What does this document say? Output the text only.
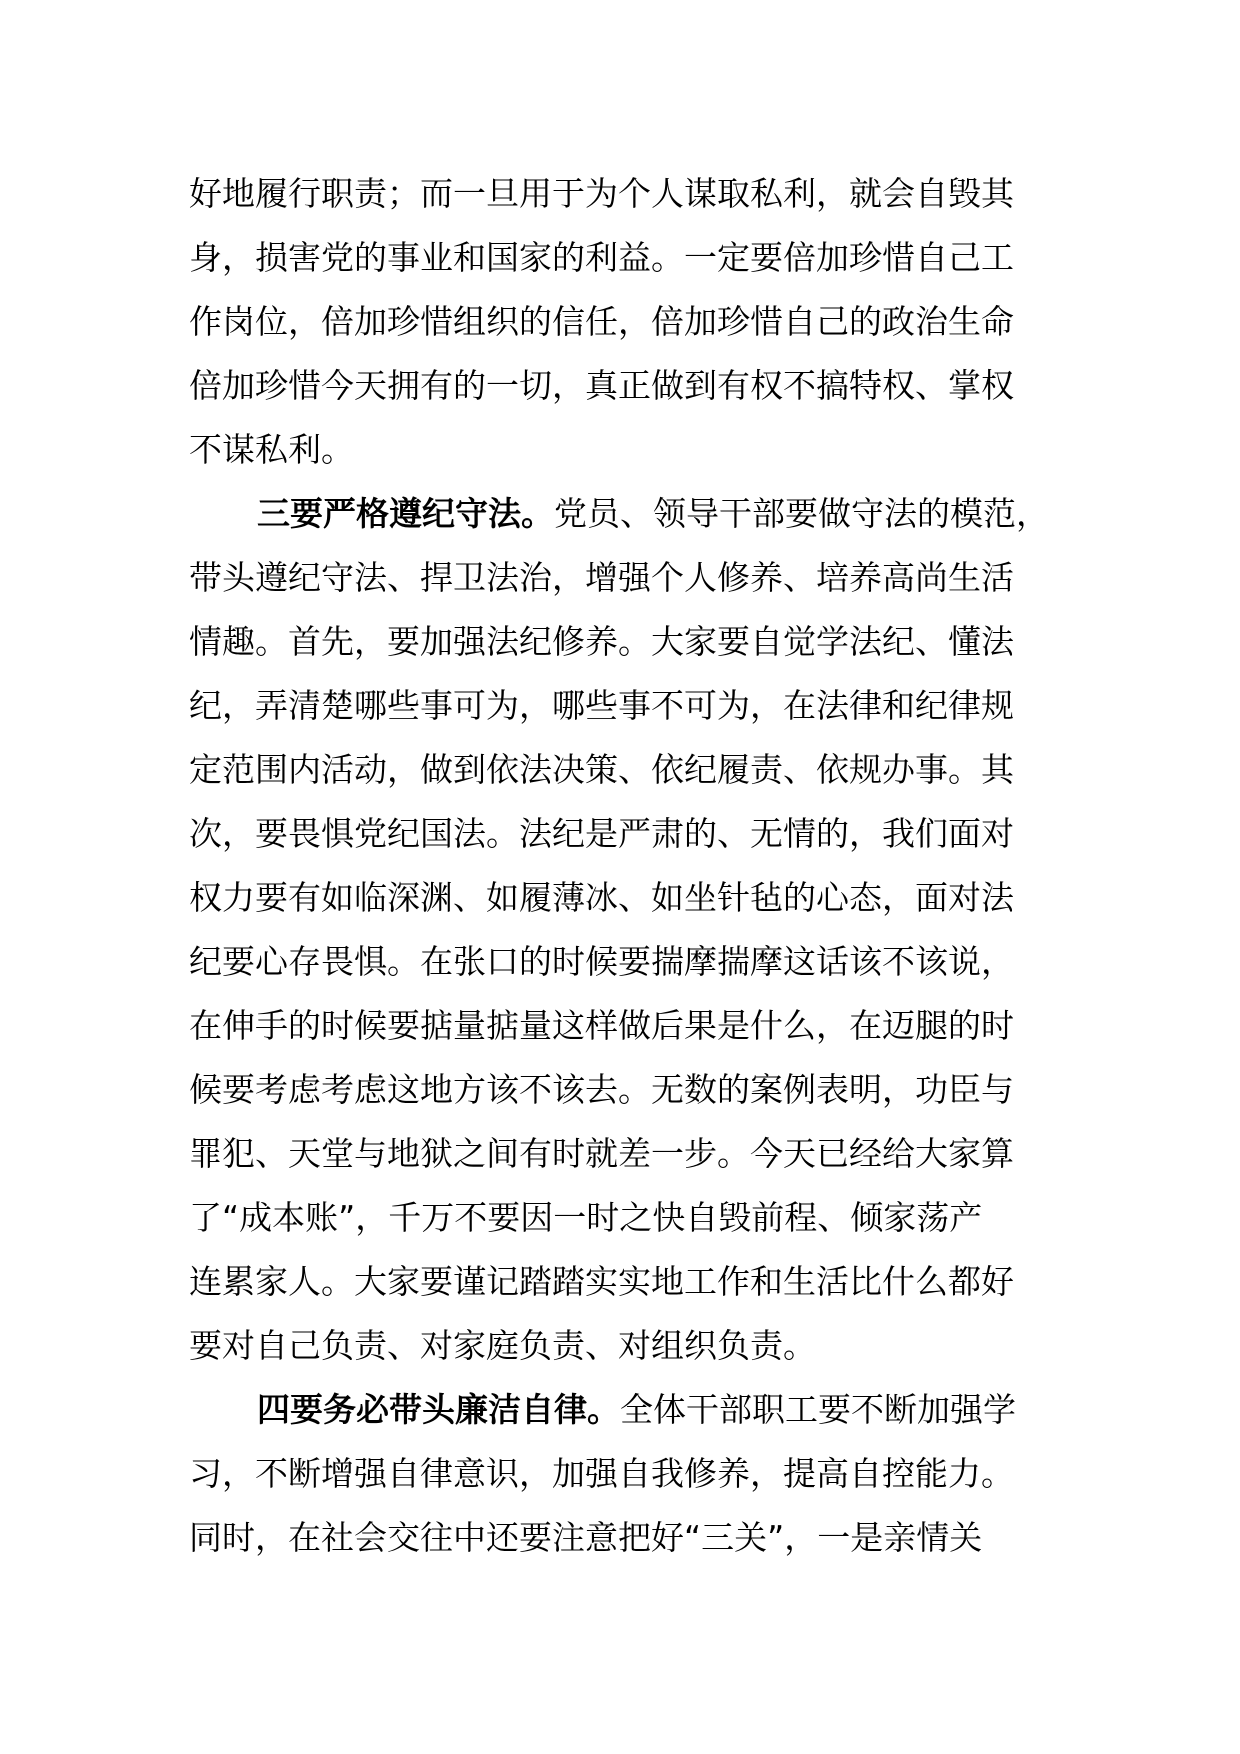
好地履行职责；而一旦用于为个人谋取私利，就会自毁其
身，损害党的事业和国家的利益。一定要倍加珍惜自己工
作岗位，倍加珍惜组织的信任，倍加珍惜自己的政治生命
倍加珍惜今天拥有的一切，真正做到有权不搞特权、掌权
不谋私利。
三要严格遵纪守法。党员、领导干部要做守法的模范，
带头遵纪守法、捍卫法治，增强个人修养、培养高尚生活
情趣。首先，要加强法纪修养。大家要自觉学法纪、懂法
纪，弄清楚哪些事可为，哪些事不可为，在法律和纪律规
定范围内活动，做到依法决策、依纪履责、依规办事。其
次，要畏惧党纪国法。法纪是严肃的、无情的，我们面对
权力要有如临深渊、如履薄冰、如坐针毡的心态，面对法
纪要心存畏惧。在张口的时候要揣摩揣摩这话该不该说，
在伸手的时候要掂量掂量这样做后果是什么，在迈腿的时
候要考虑考虑这地方该不该去。无数的案例表明，功臣与
罪犯、天堂与地狱之间有时就差一步。今天已经给大家算
了“成本账”，千万不要因一时之快自毁前程、倾家荡产
连累家人。大家要谨记踏踏实实地工作和生活比什么都好
要对自己负责、对家庭负责、对组织负责。
四要务必带头廉洁自律。全体干部职工要不断加强学
习，不断增强自律意识，加强自我修养，提高自控能力。
同时，在社会交往中还要注意把好“三关”，一是亲情关
